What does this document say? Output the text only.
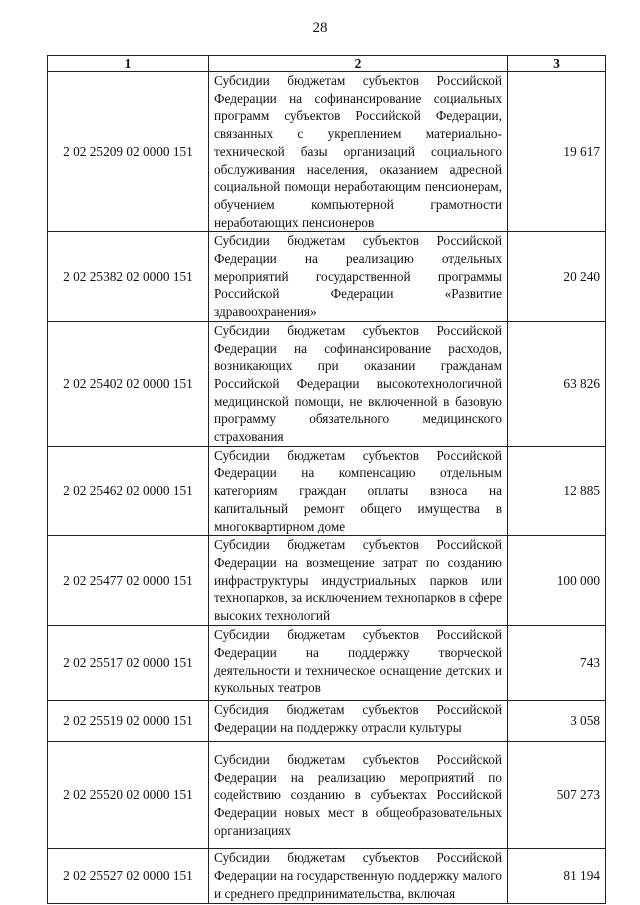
28
1	2	3
2 02 25209 02 0000 151	Субсидии бюджетам субъектов Российской Федерации на софинансирование социальных программ субъектов Российской Федерации, связанных с укреплением материально-технической базы организаций социального обслуживания населения, оказанием адресной социальной помощи неработающим пенсионерам, обучением компьютерной грамотности неработающих пенсионеров	19 617
2 02 25382 02 0000 151	Субсидии бюджетам субъектов Российской Федерации на реализацию отдельных мероприятий государственной программы Российской Федерации «Развитие здравоохранения»	20 240
2 02 25402 02 0000 151	Субсидии бюджетам субъектов Российской Федерации на софинансирование расходов, возникающих при оказании гражданам Российской Федерации высокотехнологичной медицинской помощи, не включенной в базовую программу обязательного медицинского страхования	63 826
2 02 25462 02 0000 151	Субсидии бюджетам субъектов Российской Федерации на компенсацию отдельным категориям граждан оплаты взноса на капитальный ремонт общего имущества в многоквартирном доме	12 885
2 02 25477 02 0000 151	Субсидии бюджетам субъектов Российской Федерации на возмещение затрат по созданию инфраструктуры индустриальных парков или технопарков, за исключением технопарков в сфере высоких технологий	100 000
2 02 25517 02 0000 151	Субсидии бюджетам субъектов Российской Федерации на поддержку творческой деятельности и техническое оснащение детских и кукольных театров	743
2 02 25519 02 0000 151	Субсидия бюджетам субъектов Российской Федерации на поддержку отрасли культуры	3 058
2 02 25520 02 0000 151	Субсидии бюджетам субъектов Российской Федерации на реализацию мероприятий по содействию созданию в субъектах Российской Федерации новых мест в общеобразовательных организациях	507 273
2 02 25527 02 0000 151	Субсидии бюджетам субъектов Российской Федерации на государственную поддержку малого и среднего предпринимательства, включая	81 194
